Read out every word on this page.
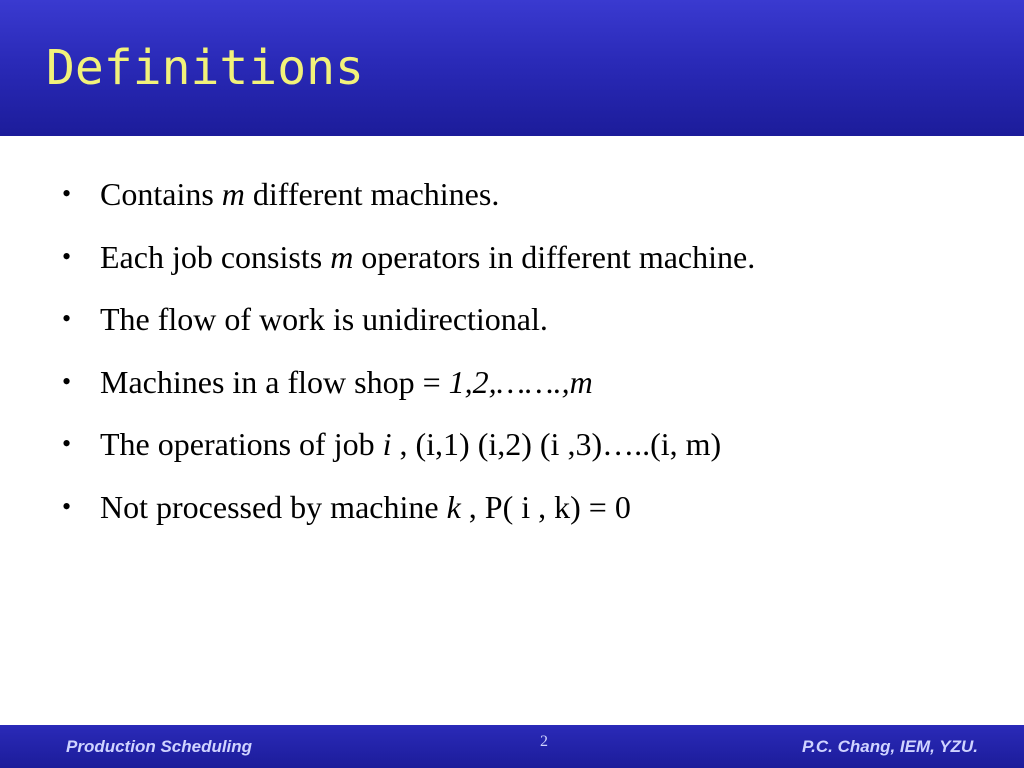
Definitions
• Contains m different machines.
• Each job consists m operators in different machine.
• The flow of work is unidirectional.
• Machines in a flow shop = 1,2,…….,m
• The operations of job i , (i,1) (i,2) (i ,3)…..(i, m)
• Not processed by machine k , P( i , k) = 0
Production Scheduling	2	P.C. Chang, IEM, YZU.
